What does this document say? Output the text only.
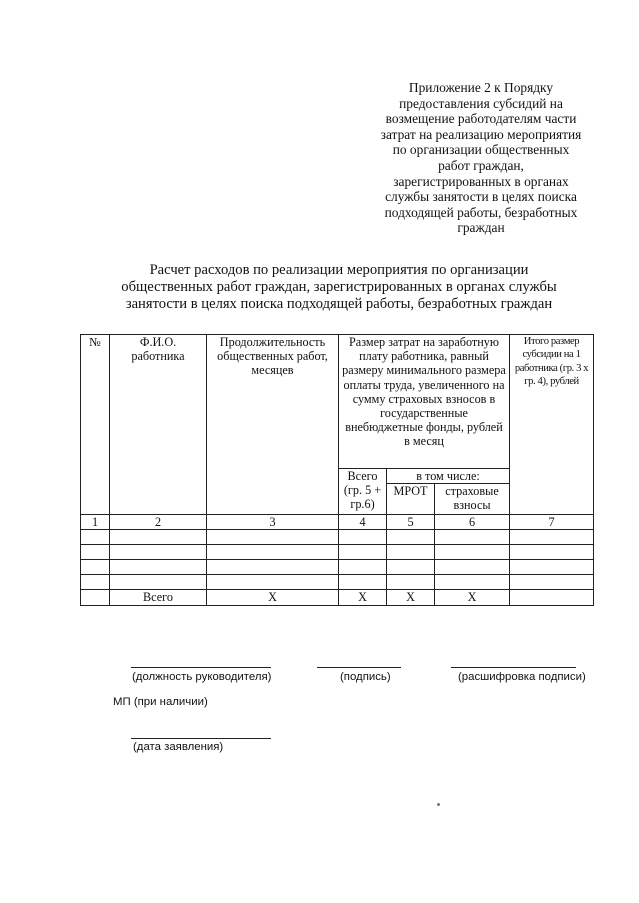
Приложение 2 к Порядку
предоставления субсидий на
возмещение работодателям части
затрат на реализацию мероприятия
по организации общественных
работ граждан,
зарегистрированных в органах
службы занятости в целях поиска
подходящей работы, безработных
граждан
Расчет расходов по реализации мероприятия по организации
общественных работ граждан, зарегистрированных в органах службы
занятости в целях поиска подходящей работы, безработных граждан
№	Ф.И.О. работника	Продолжительность общественных работ, месяцев	Размер затрат на заработную плату работника, равный размеру минимального размера оплаты труда, увеличенного на сумму страховых взносов в государственные внебюджетные фонды, рублей в месяц			Итого размер субсидии на 1 работника (гр. 3 х гр. 4), рублей
			Всего (гр. 5 + гр.6)	в том числе:		
				МРОТ	страховые взносы	
1	2	3	4	5	6	7

	Всего	Х	Х	Х	Х	
(должность руководителя)	(подпись)	(расшифровка подписи)
МП (при наличии)
(дата заявления)
